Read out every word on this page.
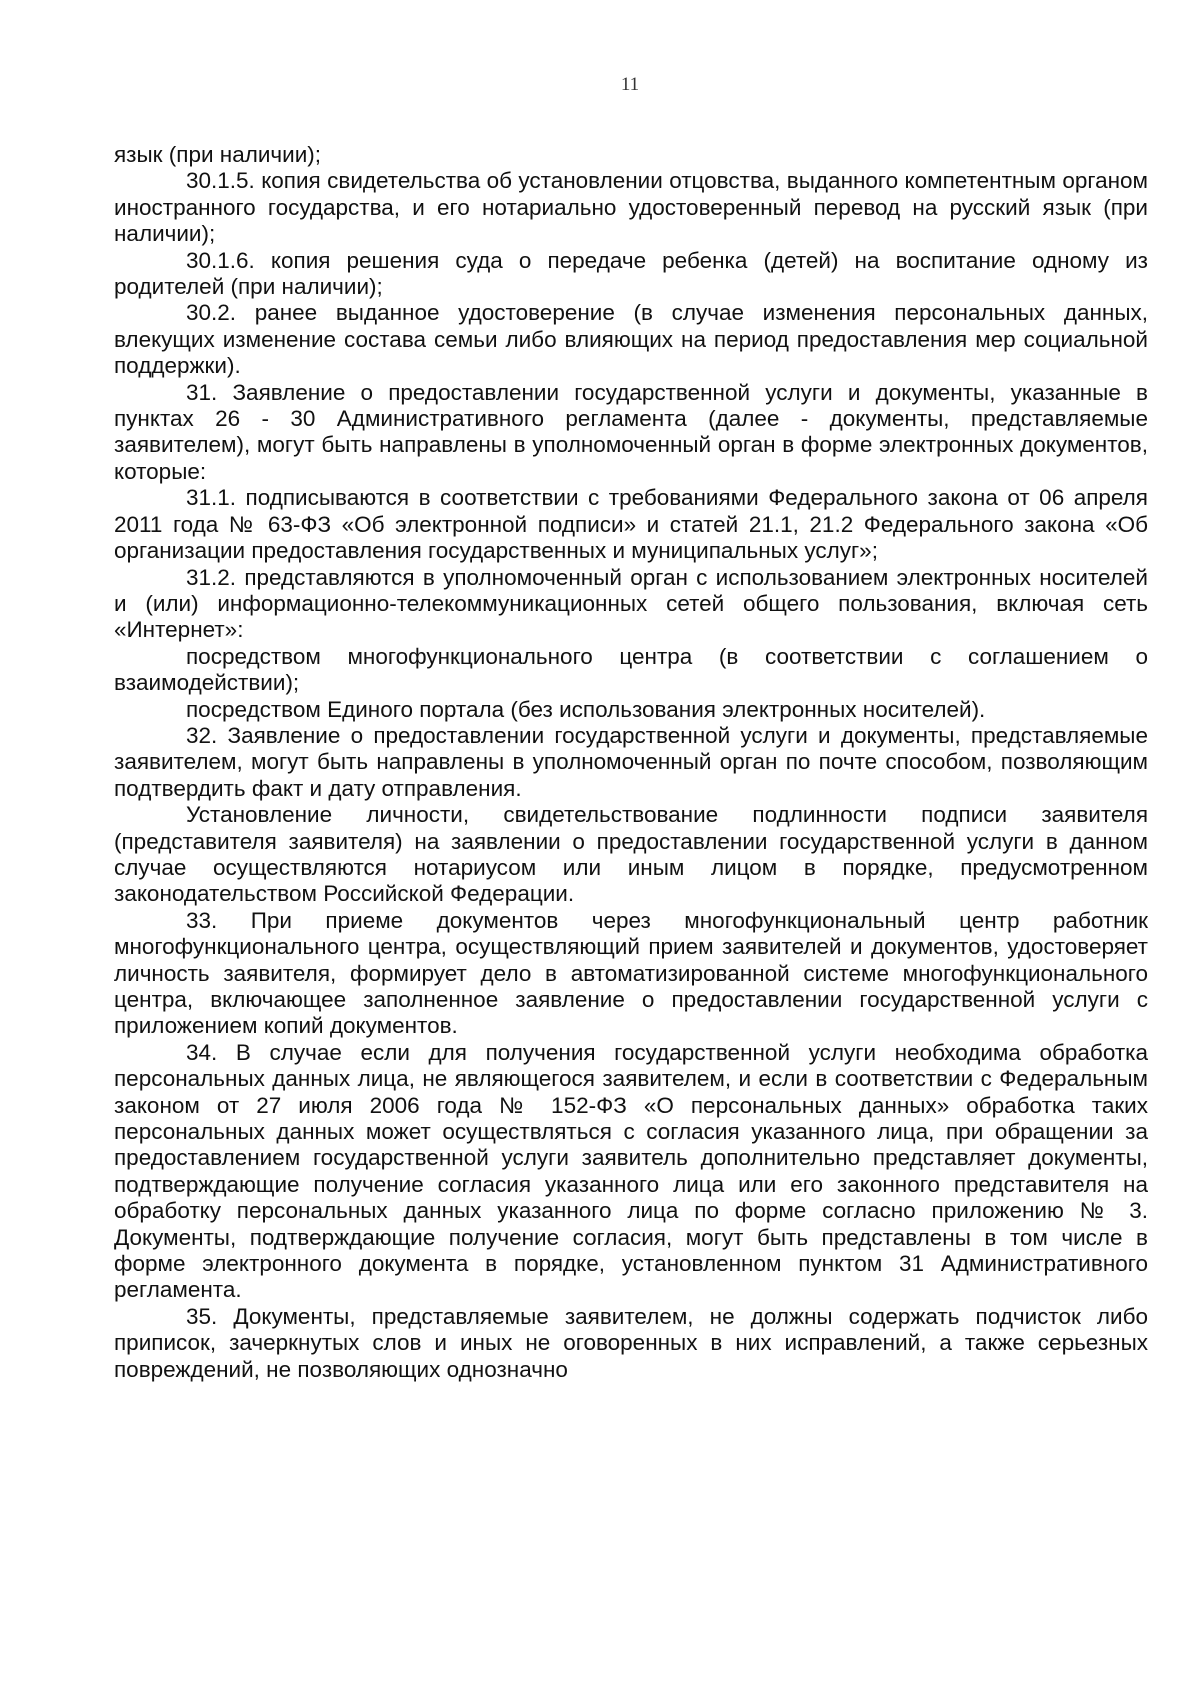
11

язык (при наличии);

30.1.5. копия свидетельства об установлении отцовства, выданного компетентным органом иностранного государства, и его нотариально удостоверенный перевод на русский язык (при наличии);

30.1.6. копия решения суда о передаче ребенка (детей) на воспитание одному из родителей (при наличии);

30.2. ранее выданное удостоверение (в случае изменения персональных данных, влекущих изменение состава семьи либо влияющих на период предоставления мер социальной поддержки).

31. Заявление о предоставлении государственной услуги и документы, указанные в пунктах 26 - 30 Административного регламента (далее - документы, представляемые заявителем), могут быть направлены в уполномоченный орган в форме электронных документов, которые:

31.1. подписываются в соответствии с требованиями Федерального закона от 06 апреля 2011 года № 63-ФЗ «Об электронной подписи» и статей 21.1, 21.2 Федерального закона «Об организации предоставления государственных и муниципальных услуг»;

31.2. представляются в уполномоченный орган с использованием электронных носителей и (или) информационно-телекоммуникационных сетей общего пользования, включая сеть «Интернет»:

посредством многофункционального центра (в соответствии с соглашением о взаимодействии);

посредством Единого портала (без использования электронных носителей).

32. Заявление о предоставлении государственной услуги и документы, представляемые заявителем, могут быть направлены в уполномоченный орган по почте способом, позволяющим подтвердить факт и дату отправления.

Установление личности, свидетельствование подлинности подписи заявителя (представителя заявителя) на заявлении о предоставлении государственной услуги в данном случае осуществляются нотариусом или иным лицом в порядке, предусмотренном законодательством Российской Федерации.

33. При приеме документов через многофункциональный центр работник многофункционального центра, осуществляющий прием заявителей и документов, удостоверяет личность заявителя, формирует дело в автоматизированной системе многофункционального центра, включающее заполненное заявление о предоставлении государственной услуги с приложением копий документов.

34. В случае если для получения государственной услуги необходима обработка персональных данных лица, не являющегося заявителем, и если в соответствии с Федеральным законом от 27 июля 2006 года № 152-ФЗ «О персональных данных» обработка таких персональных данных может осуществляться с согласия указанного лица, при обращении за предоставлением государственной услуги заявитель дополнительно представляет документы, подтверждающие получение согласия указанного лица или его законного представителя на обработку персональных данных указанного лица по форме согласно приложению № 3. Документы, подтверждающие получение согласия, могут быть представлены в том числе в форме электронного документа в порядке, установленном пунктом 31 Административного регламента.

35. Документы, представляемые заявителем, не должны содержать подчисток либо приписок, зачеркнутых слов и иных не оговоренных в них исправлений, а также серьезных повреждений, не позволяющих однозначно
